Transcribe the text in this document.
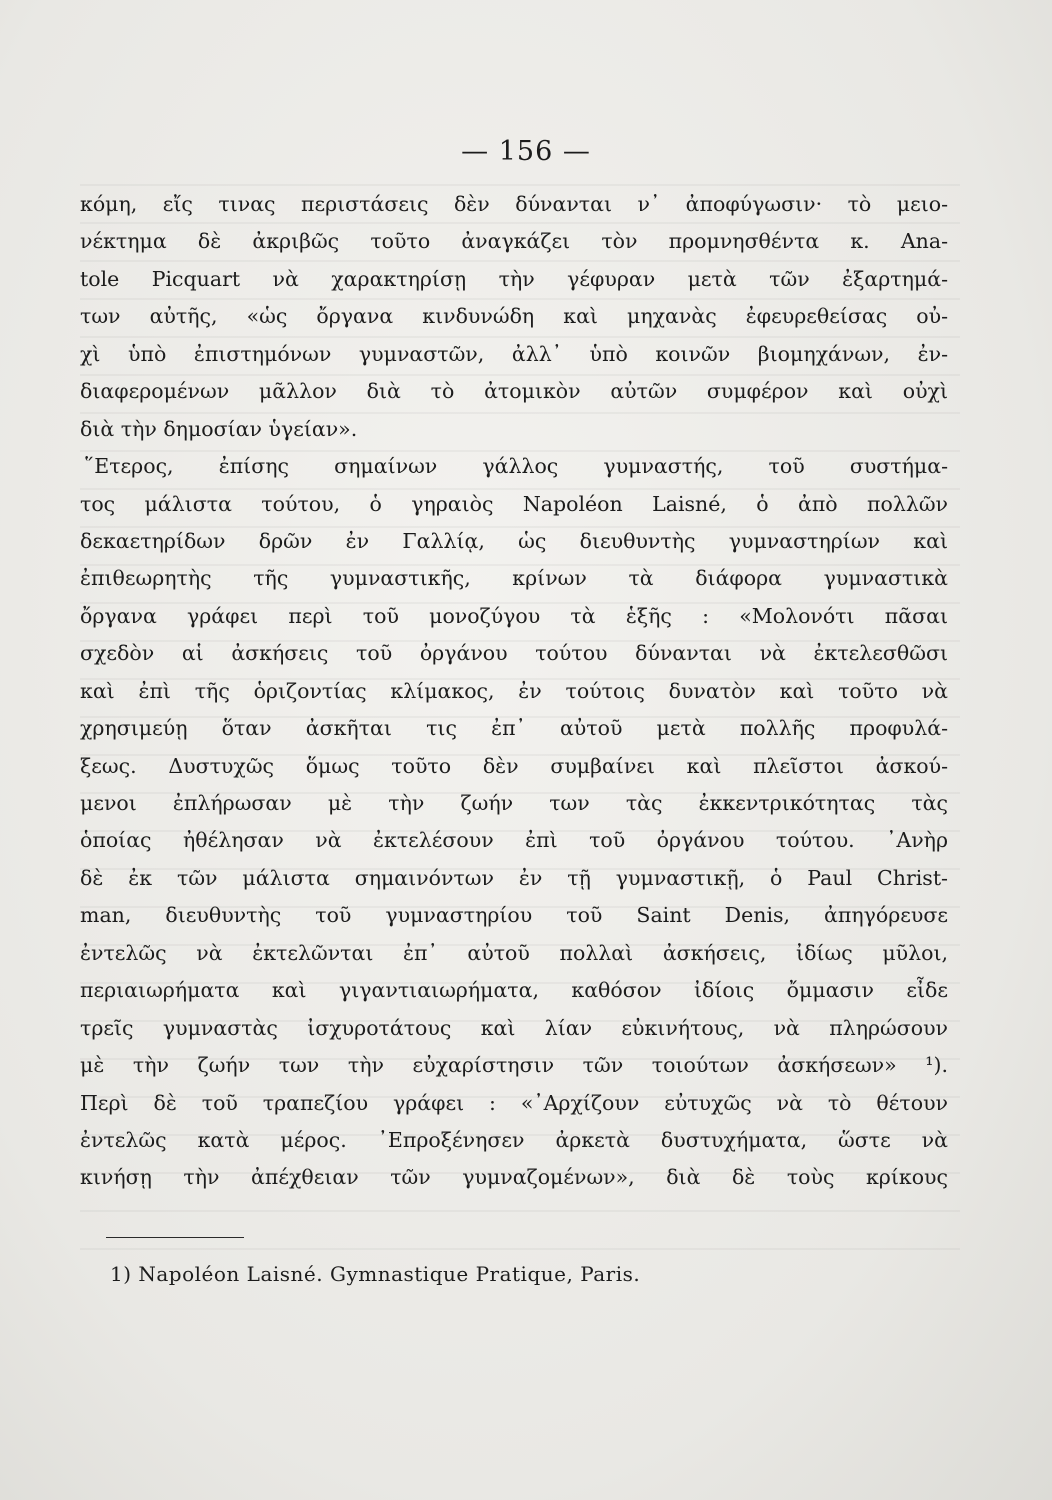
— 156 —
κόμη, εἴς τινας περιστάσεις δὲν δύνανται ν᾿ ἀποφύγωσιν· τὸ μειο-
νέκτημα δὲ ἀκριβῶς τοῦτο ἀναγκάζει τὸν προμνησθέντα κ. Ana-
tole Picquart νὰ χαρακτηρίσῃ τὴν γέφυραν μετὰ τῶν ἐξαρτημά-
των αὐτῆς, «ὡς ὄργανα κινδυνώδη καὶ μηχανὰς ἐφευρεθείσας οὐ-
χὶ ὑπὸ ἐπιστημόνων γυμναστῶν, ἀλλ᾿ ὑπὸ κοινῶν βιομηχάνων, ἐν-
διαφερομένων μᾶλλον διὰ τὸ ἀτομικὸν αὐτῶν συμφέρον καὶ οὐχὶ
διὰ τὴν δημοσίαν ὑγείαν».
῞Ετερος, ἐπίσης σημαίνων γάλλος γυμναστής, τοῦ συστήμα-
τος μάλιστα τούτου, ὁ γηραιὸς Napoléon Laisné, ὁ ἀπὸ πολλῶν
δεκαετηρίδων δρῶν ἐν Γαλλίᾳ, ὡς διευθυντὴς γυμναστηρίων καὶ
ἐπιθεωρητὴς τῆς γυμναστικῆς, κρίνων τὰ διάφορα γυμναστικὰ
ὄργανα γράφει περὶ τοῦ μονοζύγου τὰ ἑξῆς : «Μολονότι πᾶσαι
σχεδὸν αἱ ἀσκήσεις τοῦ ὀργάνου τούτου δύνανται νὰ ἐκτελεσθῶσι
καὶ ἐπὶ τῆς ὁριζοντίας κλίμακος, ἐν τούτοις δυνατὸν καὶ τοῦτο νὰ
χρησιμεύῃ ὅταν ἀσκῆται τις ἐπ᾿ αὐτοῦ μετὰ πολλῆς προφυλά-
ξεως. Δυστυχῶς ὅμως τοῦτο δὲν συμβαίνει καὶ πλεῖστοι ἀσκού-
μενοι ἐπλήρωσαν μὲ τὴν ζωήν των τὰς ἐκκεντρικότητας τὰς
ὁποίας ἠθέλησαν νὰ ἐκτελέσουν ἐπὶ τοῦ ὀργάνου τούτου. ᾿Ανὴρ
δὲ ἐκ τῶν μάλιστα σημαινόντων ἐν τῇ γυμναστικῇ, ὁ Paul Christ-
man, διευθυντὴς τοῦ γυμναστηρίου τοῦ Saint Denis, ἀπηγόρευσε
ἐντελῶς νὰ ἐκτελῶνται ἐπ᾿ αὐτοῦ πολλαὶ ἀσκήσεις, ἰδίως μῦλοι,
περιαιωρήματα καὶ γιγαντιαιωρήματα, καθόσον ἰδίοις ὄμμασιν εἶδε
τρεῖς γυμναστὰς ἰσχυροτάτους καὶ λίαν εὐκινήτους, νὰ πληρώσουν
μὲ τὴν ζωήν των τὴν εὐχαρίστησιν τῶν τοιούτων ἀσκήσεων» ¹).
Περὶ δὲ τοῦ τραπεζίου γράφει : «᾿Αρχίζουν εὐτυχῶς νὰ τὸ θέτουν
ἐντελῶς κατὰ μέρος. ᾿Επροξένησεν ἀρκετὰ δυστυχήματα, ὥστε νὰ
κινήσῃ τὴν ἀπέχθειαν τῶν γυμναζομένων», διὰ δὲ τοὺς κρίκους
1) Napoléon Laisné. Gymnastique Pratique, Paris.
